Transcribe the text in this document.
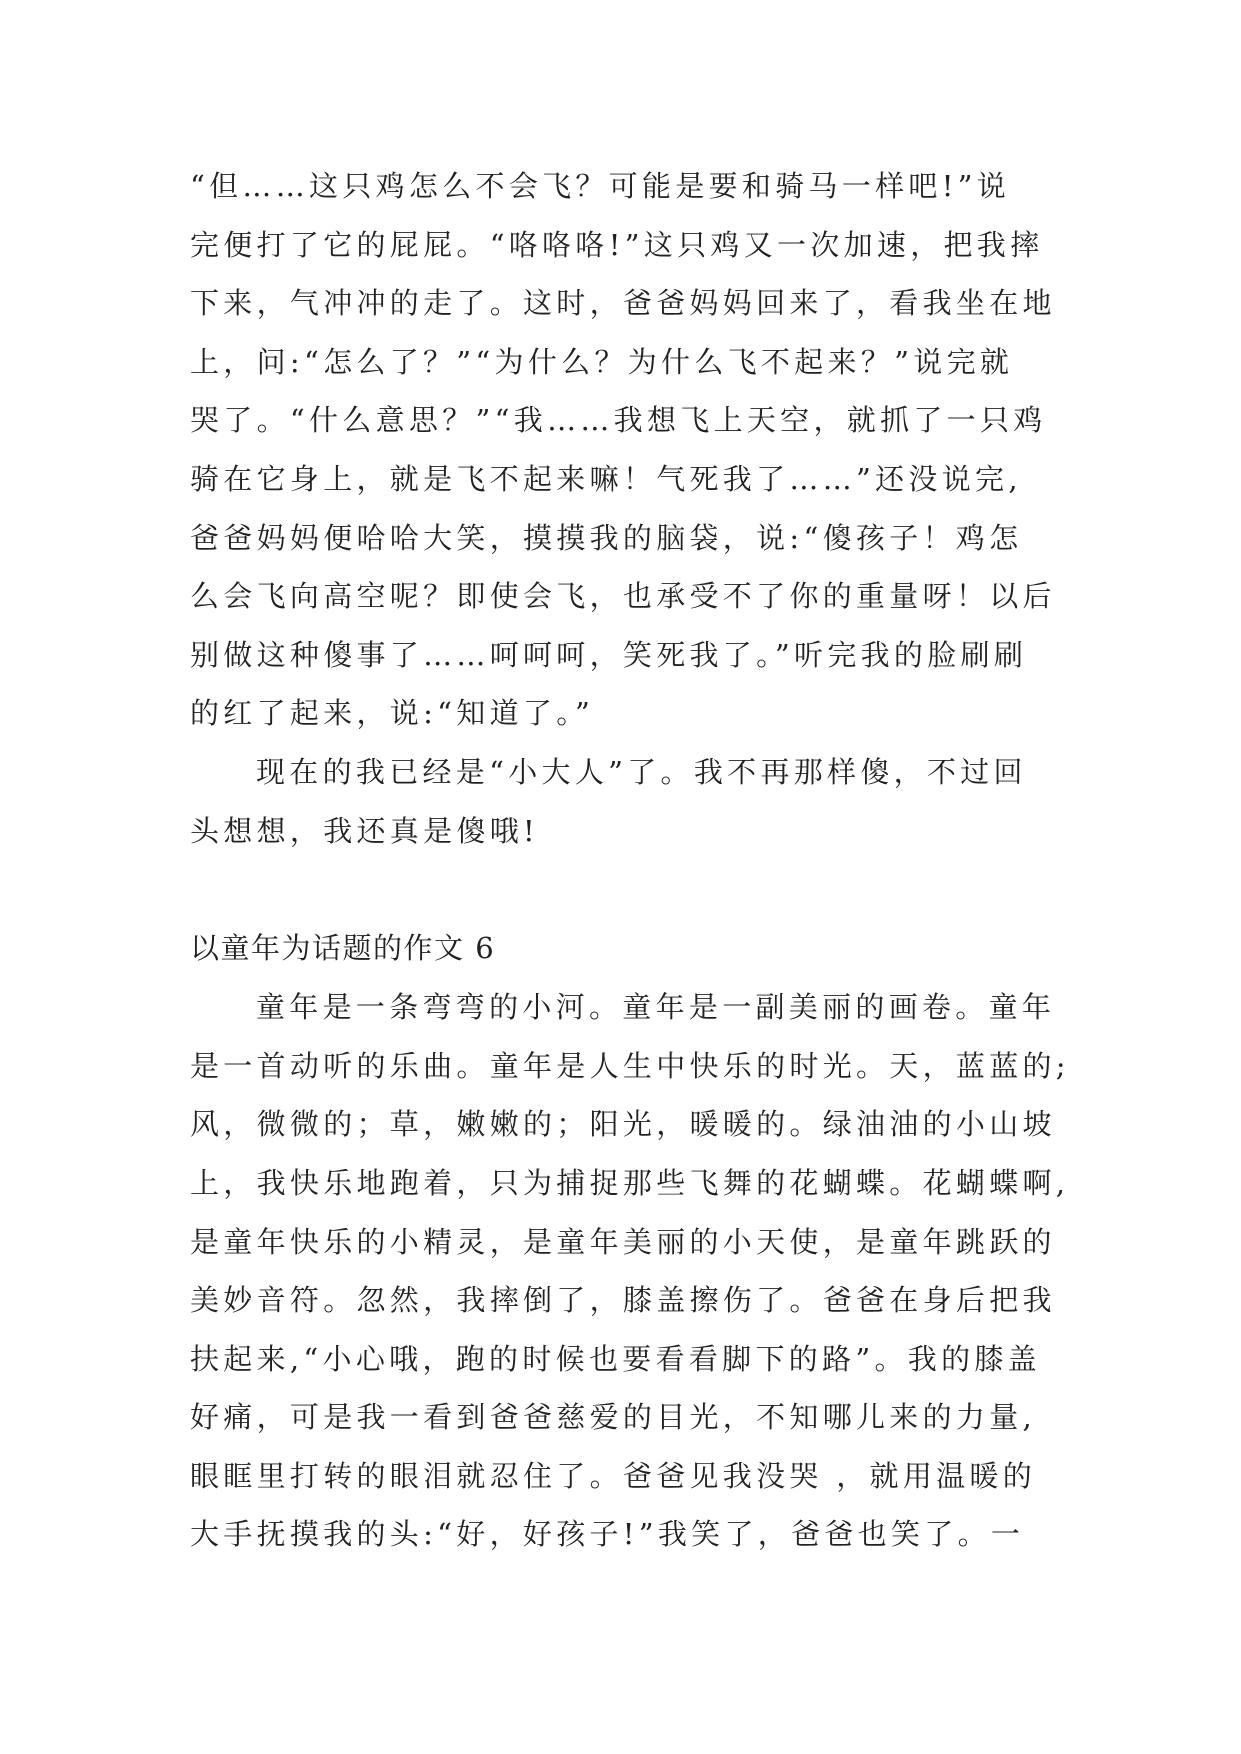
“但……这只鸡怎么不会飞？可能是要和骑马一样吧!”说
完便打了它的屁屁。“咯咯咯!”这只鸡又一次加速，把我摔
下来，气冲冲的走了。这时，爸爸妈妈回来了，看我坐在地
上，问:“怎么了？”“为什么？为什么飞不起来？”说完就
哭了。“什么意思？”“我……我想飞上天空，就抓了一只鸡
骑在它身上，就是飞不起来嘛！气死我了……”还没说完,
爸爸妈妈便哈哈大笑，摸摸我的脑袋，说:“傻孩子！鸡怎
么会飞向高空呢？即使会飞，也承受不了你的重量呀！以后
别做这种傻事了……呵呵呵，笑死我了。”听完我的脸刷刷
的红了起来，说:“知道了。”
现在的我已经是“小大人”了。我不再那样傻，不过回
头想想，我还真是傻哦!
以童年为话题的作文 6
童年是一条弯弯的小河。童年是一副美丽的画卷。童年
是一首动听的乐曲。童年是人生中快乐的时光。天，蓝蓝的;
风，微微的；草，嫩嫩的；阳光，暖暖的。绿油油的小山坡
上，我快乐地跑着，只为捕捉那些飞舞的花蝴蝶。花蝴蝶啊,
是童年快乐的小精灵，是童年美丽的小天使，是童年跳跃的
美妙音符。忽然，我摔倒了，膝盖擦伤了。爸爸在身后把我
扶起来,“小心哦，跑的时候也要看看脚下的路”。我的膝盖
好痛，可是我一看到爸爸慈爱的目光，不知哪儿来的力量,
眼眶里打转的眼泪就忍住了。爸爸见我没哭 ，就用温暖的
大手抚摸我的头:“好，好孩子!”我笑了，爸爸也笑了。一
